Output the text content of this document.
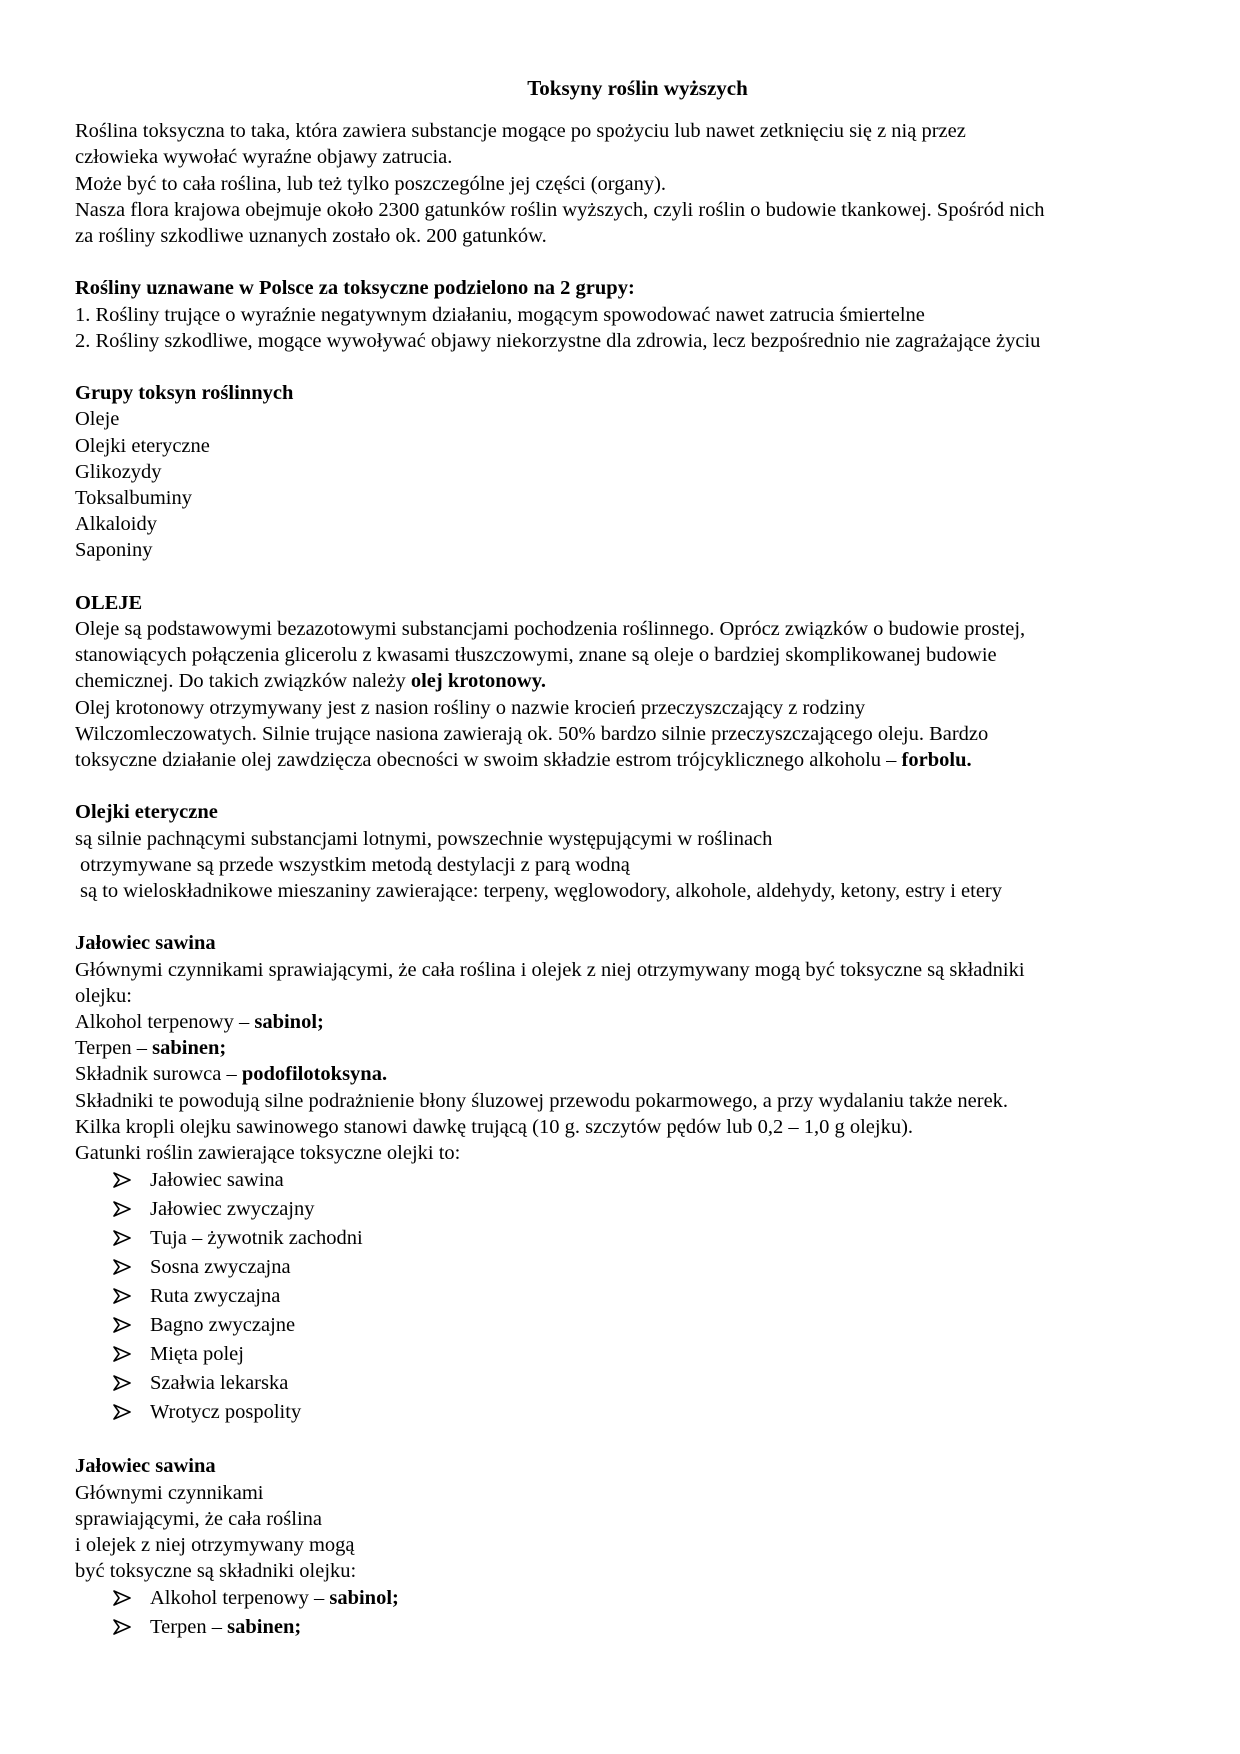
Toksyny roślin wyższych
Roślina toksyczna to taka, która zawiera substancje mogące po spożyciu lub nawet zetknięciu się z nią przez
człowieka wywołać wyraźne objawy zatrucia.
Może być to cała roślina, lub też tylko poszczególne jej części (organy).
Nasza flora krajowa obejmuje około 2300 gatunków roślin wyższych, czyli roślin o budowie tkankowej. Spośród nich
za rośliny szkodliwe uznanych zostało ok. 200 gatunków.
Rośliny uznawane w Polsce za toksyczne podzielono na 2 grupy:
1. Rośliny trujące o wyraźnie negatywnym działaniu, mogącym spowodować nawet zatrucia śmiertelne
2. Rośliny szkodliwe, mogące wywoływać objawy niekorzystne dla zdrowia, lecz bezpośrednio nie zagrażające życiu
Grupy toksyn roślinnych
Oleje
Olejki eteryczne
Glikozydy
Toksalbuminy
Alkaloidy
Saponiny
OLEJE
Oleje są podstawowymi bezazotowymi substancjami pochodzenia roślinnego. Oprócz związków o budowie prostej,
stanowiących połączenia glicerolu z kwasami tłuszczowymi, znane są oleje o bardziej skomplikowanej budowie
chemicznej. Do takich związków należy olej krotonowy.
Olej krotonowy otrzymywany jest z nasion rośliny o nazwie krocień przeczyszczający z rodziny
Wilczomleczowatych. Silnie trujące nasiona zawierają ok. 50% bardzo silnie przeczyszczającego oleju. Bardzo
toksyczne działanie olej zawdzięcza obecności w swoim składzie estrom trójcyklicznego alkoholu – forbolu.
Olejki eteryczne
są silnie pachnącymi substancjami lotnymi, powszechnie występującymi w roślinach
otrzymywane są przede wszystkim metodą destylacji z parą wodną
są to wieloskładnikowe mieszaniny zawierające: terpeny, węglowodory, alkohole, aldehydy, ketony, estry i etery
Jałowiec sawina
Głównymi czynnikami sprawiającymi, że cała roślina i olejek z niej otrzymywany mogą być toksyczne są składniki
olejku:
Alkohol terpenowy – sabinol;
Terpen – sabinen;
Składnik surowca – podofilotoksyna.
Składniki te powodują silne podrażnienie błony śluzowej przewodu pokarmowego, a przy wydalaniu także nerek.
Kilka kropli olejku sawinowego stanowi dawkę trującą (10 g. szczytów pędów lub 0,2 – 1,0 g olejku).
Gatunki roślin zawierające toksyczne olejki to:
Jałowiec sawina
Jałowiec zwyczajny
Tuja – żywotnik zachodni
Sosna zwyczajna
Ruta zwyczajna
Bagno zwyczajne
Mięta polej
Szałwia lekarska
Wrotycz pospolity
Jałowiec sawina
Głównymi czynnikami
sprawiającymi, że cała roślina
i olejek z niej otrzymywany mogą
być toksyczne są składniki olejku:
Alkohol terpenowy – sabinol;
Terpen – sabinen;
